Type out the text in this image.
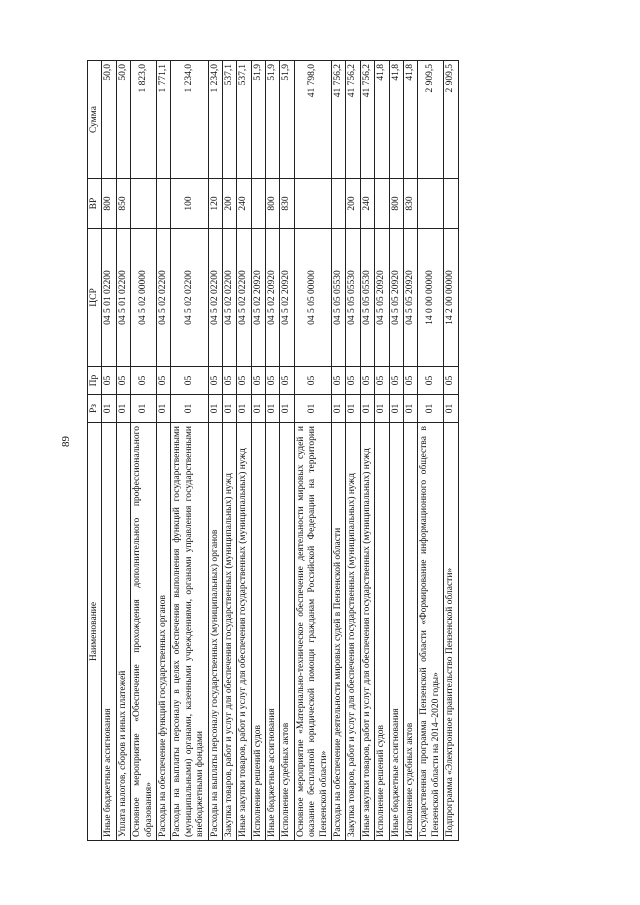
89
Наименование	Рз	Пр	ЦСР	ВР	Сумма
Иные бюджетные ассигнования	01	05	04 5 01 02200	800	50,0
Уплата налогов, сборов и иных платежей	01	05	04 5 01 02200	850	50,0
Основное мероприятие «Обеспечение прохождения дополнительного профессионального образования»	01	05	04 5 02 00000		1 823,0
Расходы на обеспечение функций государственных органов	01	05	04 5 02 02200		1 771,1
Расходы на выплаты персоналу в целях обеспечения выполнения функций государственными (муниципальными) органами, казенными учреждениями, органами управления государственными внебюджетными фондами	01	05	04 5 02 02200	100	1 234,0
Расходы на выплаты персоналу государственных (муниципальных) органов	01	05	04 5 02 02200	120	1 234,0
Закупка товаров, работ и услуг для обеспечения государственных (муниципальных) нужд	01	05	04 5 02 02200	200	537,1
Иные закупки товаров, работ и услуг для обеспечения государственных (муниципальных) нужд	01	05	04 5 02 02200	240	537,1
Исполнение решений судов	01	05	04 5 02 20920		51,9
Иные бюджетные ассигнования	01	05	04 5 02 20920	800	51,9
Исполнение судебных актов	01	05	04 5 02 20920	830	51,9
Основное мероприятие «Материально-техническое обеспечение деятельности мировых судей и оказание бесплатной юридической помощи гражданам Российской Федерации на территории Пензенской области»	01	05	04 5 05 00000		41 798,0
Расходы на обеспечение деятельности мировых судей в Пензенской области	01	05	04 5 05 05530		41 756,2
Закупка товаров, работ и услуг для обеспечения государственных (муниципальных) нужд	01	05	04 5 05 05530	200	41 756,2
Иные закупки товаров, работ и услуг для обеспечения государственных (муниципальных) нужд	01	05	04 5 05 05530	240	41 756,2
Исполнение решений судов	01	05	04 5 05 20920		41,8
Иные бюджетные ассигнования	01	05	04 5 05 20920	800	41,8
Исполнение судебных актов	01	05	04 5 05 20920	830	41,8
Государственная программа Пензенской области «Формирование информационного общества в Пензенской области на 2014–2020 годы»	01	05	14 0 00 00000		2 909,5
Подпрограмма «Электронное правительство Пензенской области»	01	05	14 2 00 00000		2 909,5
